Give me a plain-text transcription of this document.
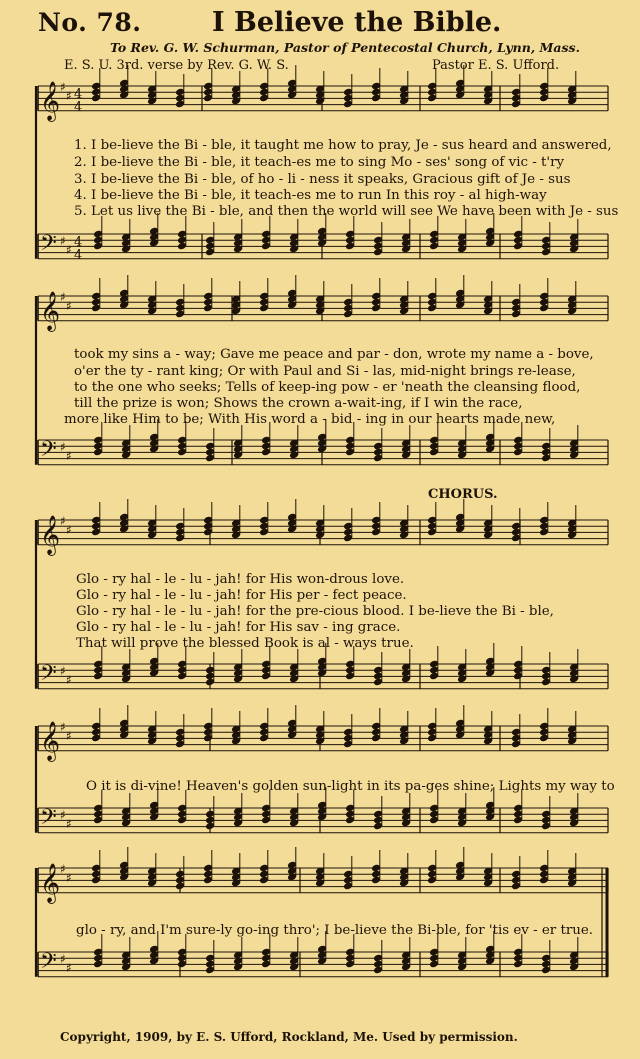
No. 78.	I Believe the Bible.
To Rev. G. W. Schurman, Pastor of Pentecostal Church, Lynn, Mass.
E. S. U. 3rd. verse by Rev. G. W. S.	Pastor E. S. Ufford.
CHORUS.
𝄞 ♯
♯ 4
4
𝄢 ♯
♯ 4
4
𝄞 ♯
♯
𝄢 ♯
♯
𝄞 ♯
♯
𝄢 ♯
♯
𝄞 ♯
♯
𝄢 ♯
♯
𝄞 ♯
♯
𝄢 ♯
♯
1. I be-lieve the Bi - ble, it taught me how to pray, Je - sus heard and answered,
2. I be-lieve the Bi - ble, it teach-es me to sing Mo - ses' song of vic - t'ry
3. I be-lieve the Bi - ble, of ho - li - ness it speaks, Gracious gift of Je - sus
4. I be-lieve the Bi - ble, it teach-es me to run In this roy - al high-way
5. Let us live the Bi - ble, and then the world will see We have been with Je - sus
took my sins a - way; Gave me peace and par - don, wrote my name a - bove,
o'er the ty - rant king; Or with Paul and Si - las, mid-night brings re-lease,
to the one who seeks; Tells of keep-ing pow - er 'neath the cleansing flood,
till the prize is won; Shows the crown a-wait-ing, if I win the race,
more like Him to be; With His word a - bid - ing in our hearts made new,
Glo - ry hal - le - lu - jah! for His won-drous love.
Glo - ry hal - le - lu - jah! for His per - fect peace.
Glo - ry hal - le - lu - jah! for the pre-cious blood. I be-lieve the Bi - ble,
Glo - ry hal - le - lu - jah! for His sav - ing grace.
That will prove the blessed Book is al - ways true.
O it is di-vine! Heaven's golden sun-light in its pa-ges shine; Lights my way to
glo - ry, and I'm sure-ly go-ing thro'; I be-lieve the Bi-ble, for 'tis ev - er true.
Copyright, 1909, by E. S. Ufford, Rockland, Me. Used by permission.
